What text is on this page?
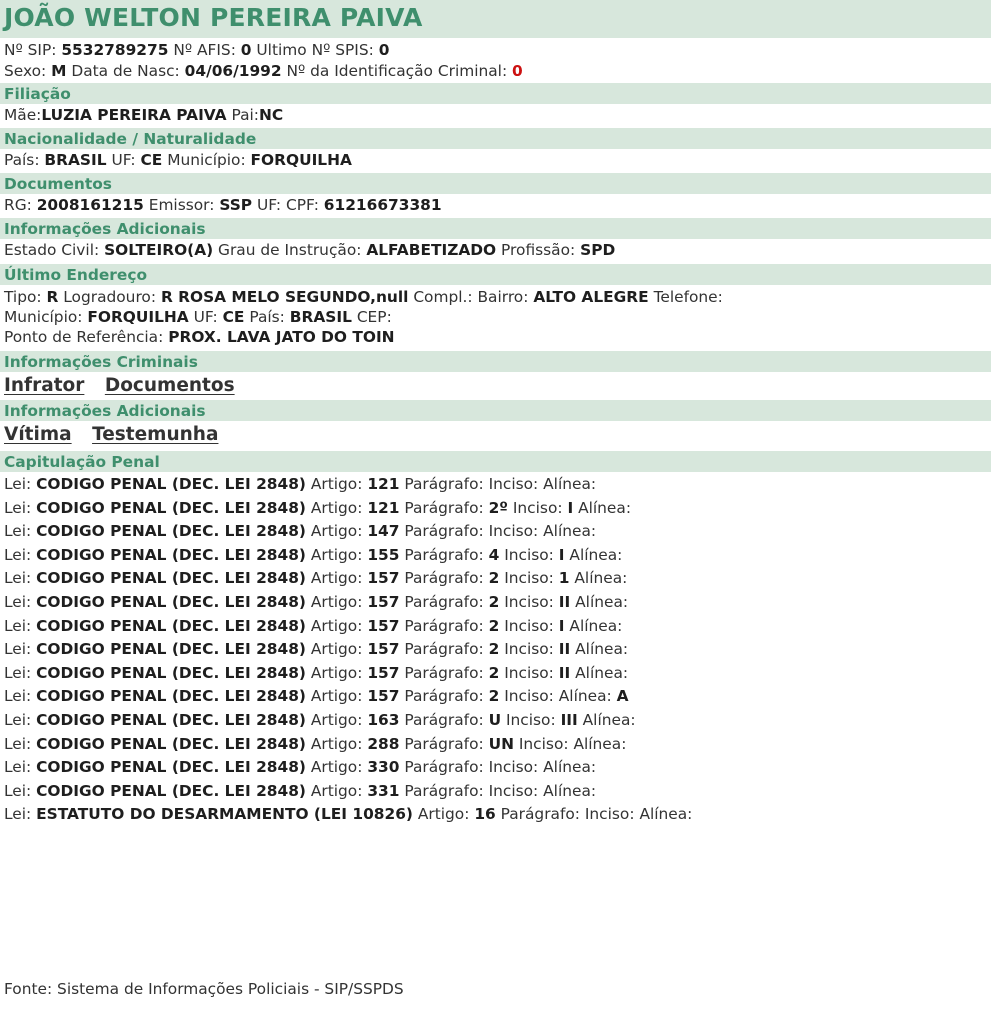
JOÃO WELTON PEREIRA PAIVA
Nº SIP: 5532789275 Nº AFIS: 0 Ultimo Nº SPIS: 0
Sexo: M Data de Nasc: 04/06/1992 Nº da Identificação Criminal: 0
Filiação
Mãe:LUZIA PEREIRA PAIVA Pai:NC
Nacionalidade / Naturalidade
País: BRASIL UF: CE Município: FORQUILHA
Documentos
RG: 2008161215 Emissor: SSP UF: CPF: 61216673381
Informações Adicionais
Estado Civil: SOLTEIRO(A) Grau de Instrução: ALFABETIZADO Profissão: SPD
Último Endereço
Tipo: R Logradouro: R ROSA MELO SEGUNDO,null Compl.: Bairro: ALTO ALEGRE Telefone:
Município: FORQUILHA UF: CE País: BRASIL CEP:
Ponto de Referência: PROX. LAVA JATO DO TOIN
Informações Criminais
Infrator Documentos
Informações Adicionais
Vítima Testemunha
Capitulação Penal
Lei: CODIGO PENAL (DEC. LEI 2848) Artigo: 121 Parágrafo: Inciso: Alínea:
Lei: CODIGO PENAL (DEC. LEI 2848) Artigo: 121 Parágrafo: 2º Inciso: I Alínea:
Lei: CODIGO PENAL (DEC. LEI 2848) Artigo: 147 Parágrafo: Inciso: Alínea:
Lei: CODIGO PENAL (DEC. LEI 2848) Artigo: 155 Parágrafo: 4 Inciso: I Alínea:
Lei: CODIGO PENAL (DEC. LEI 2848) Artigo: 157 Parágrafo: 2 Inciso: 1 Alínea:
Lei: CODIGO PENAL (DEC. LEI 2848) Artigo: 157 Parágrafo: 2 Inciso: II Alínea:
Lei: CODIGO PENAL (DEC. LEI 2848) Artigo: 157 Parágrafo: 2 Inciso: I Alínea:
Lei: CODIGO PENAL (DEC. LEI 2848) Artigo: 157 Parágrafo: 2 Inciso: II Alínea:
Lei: CODIGO PENAL (DEC. LEI 2848) Artigo: 157 Parágrafo: 2 Inciso: II Alínea:
Lei: CODIGO PENAL (DEC. LEI 2848) Artigo: 157 Parágrafo: 2 Inciso: Alínea: A
Lei: CODIGO PENAL (DEC. LEI 2848) Artigo: 163 Parágrafo: U Inciso: III Alínea:
Lei: CODIGO PENAL (DEC. LEI 2848) Artigo: 288 Parágrafo: UN Inciso: Alínea:
Lei: CODIGO PENAL (DEC. LEI 2848) Artigo: 330 Parágrafo: Inciso: Alínea:
Lei: CODIGO PENAL (DEC. LEI 2848) Artigo: 331 Parágrafo: Inciso: Alínea:
Lei: ESTATUTO DO DESARMAMENTO (LEI 10826) Artigo: 16 Parágrafo: Inciso: Alínea:
Fonte: Sistema de Informações Policiais - SIP/SSPDS
